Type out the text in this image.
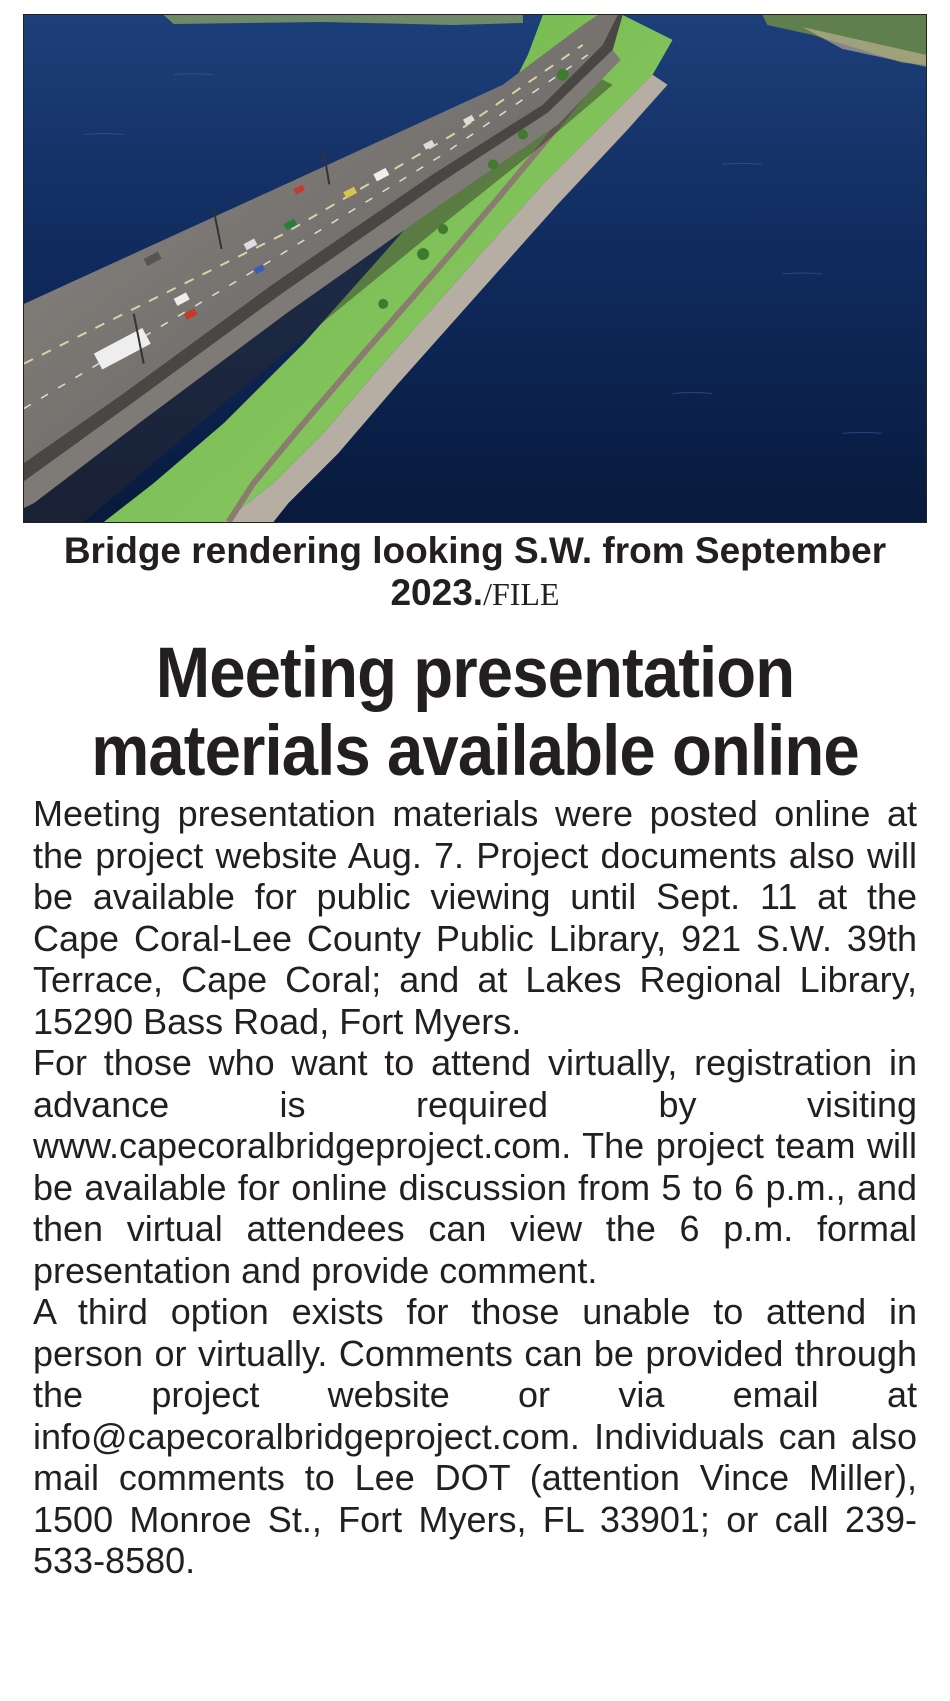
Bridge rendering looking S.W. from September 2023./FILE
Meeting presentation
materials available online

Meeting presentation materials were posted online at the project website Aug. 7. Project documents also will be available for public viewing until Sept. 11 at the Cape Coral-Lee County Public Library, 921 S.W. 39th Terrace, Cape Coral; and at Lakes Regional Library, 15290 Bass Road, Fort Myers.

For those who want to attend virtually, registration in advance is required by visiting www.capecoralbridgeproject.com. The project team will be available for online discussion from 5 to 6 p.m., and then virtual attendees can view the 6 p.m. formal presentation and provide comment.

A third option exists for those unable to attend in person or virtually. Comments can be provided through the project website or via email at info@capecoralbridgeproject.com. Individuals can also mail comments to Lee DOT (attention Vince Miller), 1500 Monroe St., Fort Myers, FL 33901; or call 239-533-8580.
